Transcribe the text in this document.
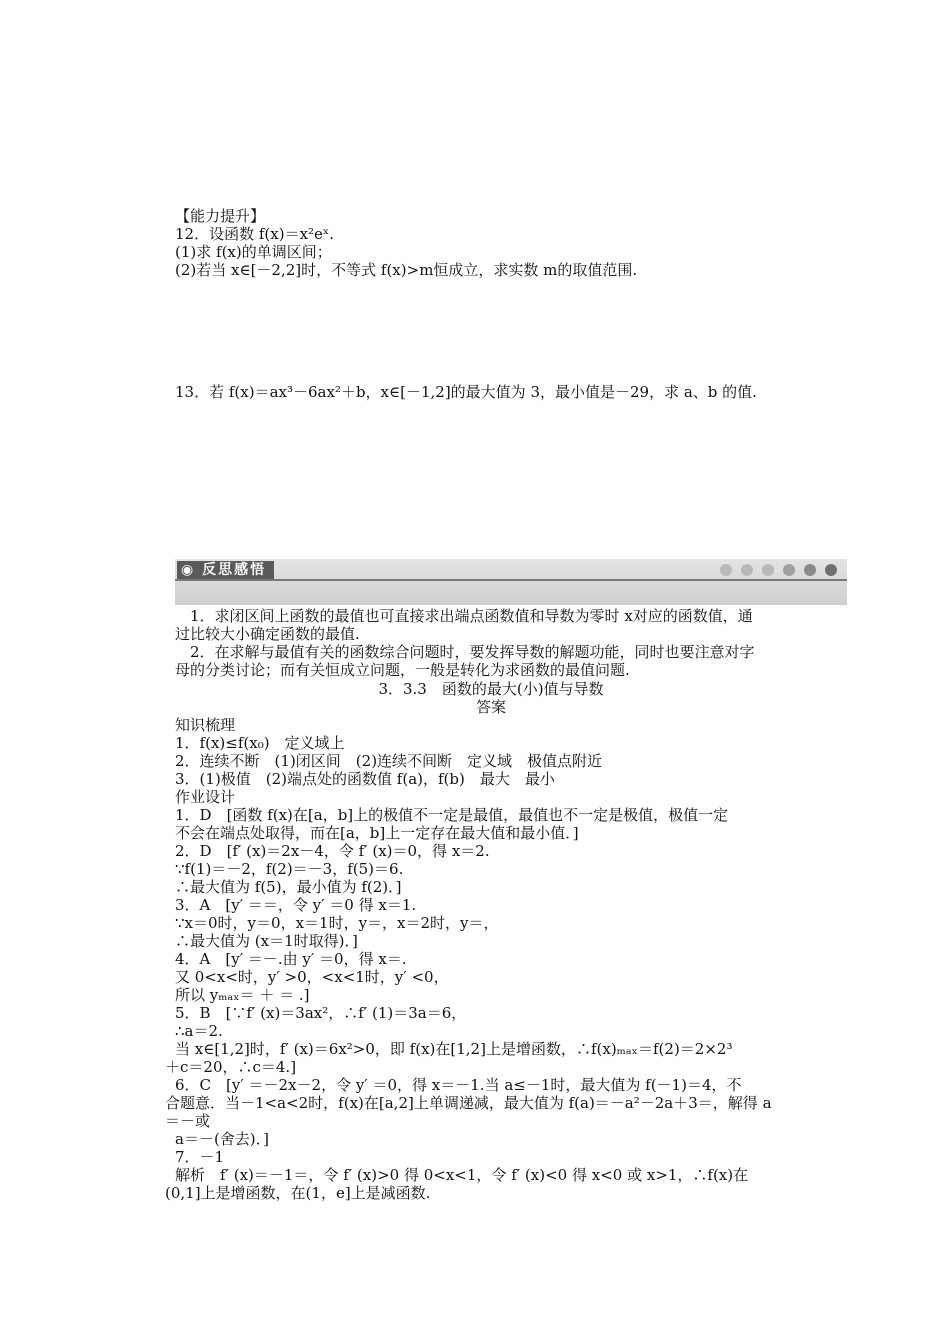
【能力提升】
12．设函数 f(x)＝x²eˣ.
(1)求 f(x)的单调区间；
(2)若当 x∈[－2,2]时，不等式 f(x)>m恒成立，求实数 m的取值范围.
13．若 f(x)＝ax³－6ax²＋b，x∈[－1,2]的最大值为 3，最小值是－29，求 a、b 的值.
◉ 反思感悟
1．求闭区间上函数的最值也可直接求出端点函数值和导数为零时 x对应的函数值，通
过比较大小确定函数的最值.
2．在求解与最值有关的函数综合问题时，要发挥导数的解题功能，同时也要注意对字
母的分类讨论；而有关恒成立问题，一般是转化为求函数的最值问题.
3．3.3　函数的最大(小)值与导数
答案
知识梳理
1．f(x)≤f(x₀)　定义域上
2．连续不断　(1)闭区间　(2)连续不间断　定义域　极值点附近
3．(1)极值　(2)端点处的函数值 f(a)，f(b)　最大　最小
作业设计
1．D　[函数 f(x)在[a，b]上的极值不一定是最值，最值也不一定是极值，极值一定
不会在端点处取得，而在[a，b]上一定存在最大值和最小值．]
2．D　[f′ (x)＝2x－4，令 f′ (x)＝0，得 x＝2.
∵f(1)＝－2，f(2)＝－3，f(5)＝6.
∴最大值为 f(5)，最小值为 f(2)．]
3．A　[y′ ＝＝，令 y′ ＝0 得 x＝1.
∵x＝0时，y＝0，x＝1时，y＝，x＝2时，y＝，
∴最大值为 (x＝1时取得)．]
4．A　[y′ ＝－.由 y′ ＝0，得 x＝.
又 0<x<时，y′ >0，<x<1时，y′ <0，
所以 yₘₐₓ＝ ＋ ＝ .]
5．B　[∵f′ (x)＝3ax²，∴f′ (1)＝3a＝6，
∴a＝2.
当 x∈[1,2]时，f′ (x)＝6x²>0，即 f(x)在[1,2]上是增函数，∴f(x)ₘₐₓ＝f(2)＝2×2³
＋c＝20，∴c＝4.]
6．C　[y′ ＝－2x－2，令 y′ ＝0，得 x＝－1.当 a≤－1时，最大值为 f(－1)＝4，不
合题意．当－1<a<2时，f(x)在[a,2]上单调递减，最大值为 f(a)＝－a²－2a＋3＝，解得 a
＝－或
a＝－(舍去)．]
7．－1
解析　f′ (x)＝－1＝，令 f′ (x)>0 得 0<x<1，令 f′ (x)<0 得 x<0 或 x>1，∴f(x)在
(0,1]上是增函数，在(1，e]上是减函数.
